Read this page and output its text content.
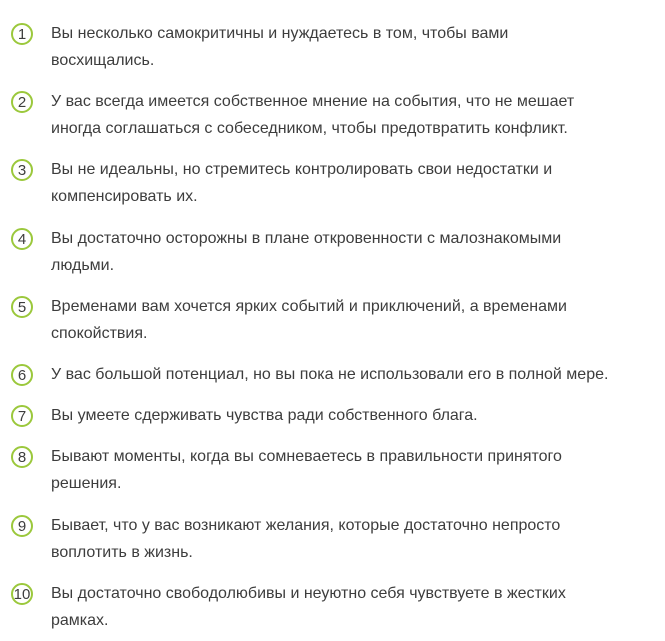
1	Вы несколько самокритичны и нуждаетесь в том, чтобы вами
восхищались.
2	У вас всегда имеется собственное мнение на события, что не мешает
иногда соглашаться с собеседником, чтобы предотвратить конфликт.
3	Вы не идеальны, но стремитесь контролировать свои недостатки и
компенсировать их.
4	Вы достаточно осторожны в плане откровенности с малознакомыми
людьми.
5	Временами вам хочется ярких событий и приключений, а временами
спокойствия.
6	У вас большой потенциал, но вы пока не использовали его в полной мере.
7	Вы умеете сдерживать чувства ради собственного блага.
8	Бывают моменты, когда вы сомневаетесь в правильности принятого
решения.
9	Бывает, что у вас возникают желания, которые достаточно непросто
воплотить в жизнь.
10 Вы достаточно свободолюбивы и неуютно себя чувствуете в жестких
рамках.
